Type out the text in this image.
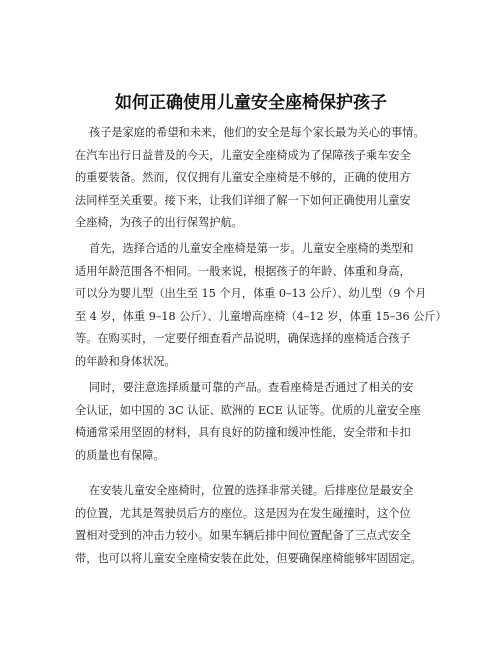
如何正确使用儿童安全座椅保护孩子
孩子是家庭的希望和未来，他们的安全是每个家长最为关心的事情。
在汽车出行日益普及的今天，儿童安全座椅成为了保障孩子乘车安全
的重要装备。然而，仅仅拥有儿童安全座椅是不够的，正确的使用方
法同样至关重要。接下来，让我们详细了解一下如何正确使用儿童安
全座椅，为孩子的出行保驾护航。
首先，选择合适的儿童安全座椅是第一步。儿童安全座椅的类型和
适用年龄范围各不相同。一般来说，根据孩子的年龄、体重和身高，
可以分为婴儿型（出生至 15 个月，体重 0–13 公斤）、幼儿型（9 个月
至 4 岁，体重 9–18 公斤）、儿童增高座椅（4–12 岁，体重 15–36 公斤）
等。在购买时，一定要仔细查看产品说明，确保选择的座椅适合孩子
的年龄和身体状况。
同时，要注意选择质量可靠的产品。查看座椅是否通过了相关的安
全认证，如中国的 3C 认证、欧洲的 ECE 认证等。优质的儿童安全座
椅通常采用坚固的材料，具有良好的防撞和缓冲性能，安全带和卡扣
的质量也有保障。
在安装儿童安全座椅时，位置的选择非常关键。后排座位是最安全
的位置，尤其是驾驶员后方的座位。这是因为在发生碰撞时，这个位
置相对受到的冲击力较小。如果车辆后排中间位置配备了三点式安全
带，也可以将儿童安全座椅安装在此处，但要确保座椅能够牢固固定。
